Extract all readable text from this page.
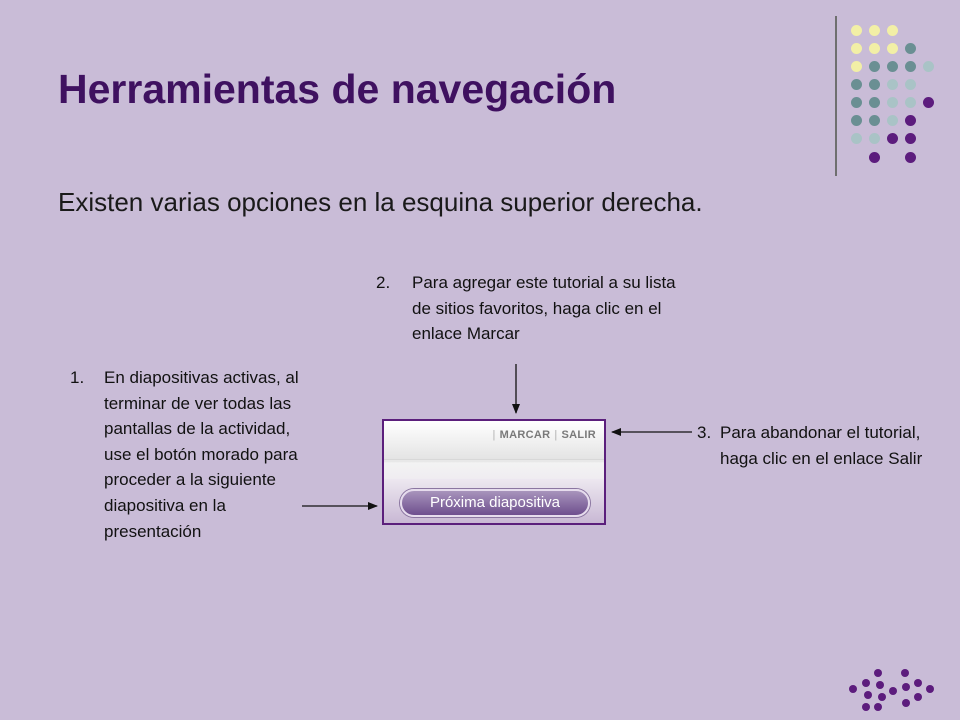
Herramientas de navegación

Existen varias opciones en la esquina superior derecha.

1. En diapositivas activas, al terminar de ver todas las pantallas de la actividad, use el botón morado para proceder a la siguiente diapositiva en la presentación
2. Para agregar este tutorial a su lista de sitios favoritos, haga clic en el enlace Marcar
3. Para abandonar el tutorial, haga clic en el enlace Salir
| MARCAR | SALIR
Próxima diapositiva
